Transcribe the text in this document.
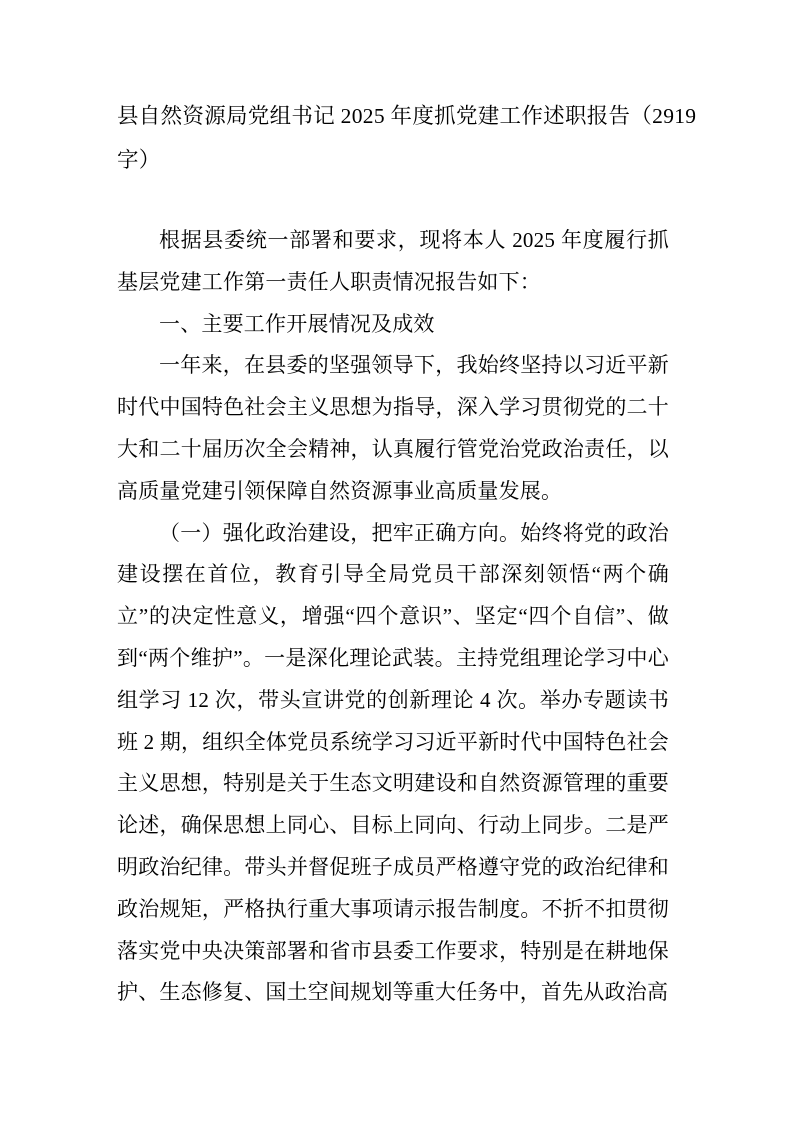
县自然资源局党组书记 2025 年度抓党建工作述职报告（2919 字）

根据县委统一部署和要求，现将本人 2025 年度履行抓基层党建工作第一责任人职责情况报告如下：

一、主要工作开展情况及成效

一年来，在县委的坚强领导下，我始终坚持以习近平新时代中国特色社会主义思想为指导，深入学习贯彻党的二十大和二十届历次全会精神，认真履行管党治党政治责任，以高质量党建引领保障自然资源事业高质量发展。

（一）强化政治建设，把牢正确方向。始终将党的政治建设摆在首位，教育引导全局党员干部深刻领悟“两个确立”的决定性意义，增强“四个意识”、坚定“四个自信”、做到“两个维护”。一是深化理论武装。主持党组理论学习中心组学习 12 次，带头宣讲党的创新理论 4 次。举办专题读书班 2 期，组织全体党员系统学习习近平新时代中国特色社会主义思想，特别是关于生态文明建设和自然资源管理的重要论述，确保思想上同心、目标上同向、行动上同步。二是严明政治纪律。带头并督促班子成员严格遵守党的政治纪律和政治规矩，严格执行重大事项请示报告制度。不折不扣贯彻落实党中央决策部署和省市县委工作要求，特别是在耕地保护、生态修复、国土空间规划等重大任务中，首先从政治高
